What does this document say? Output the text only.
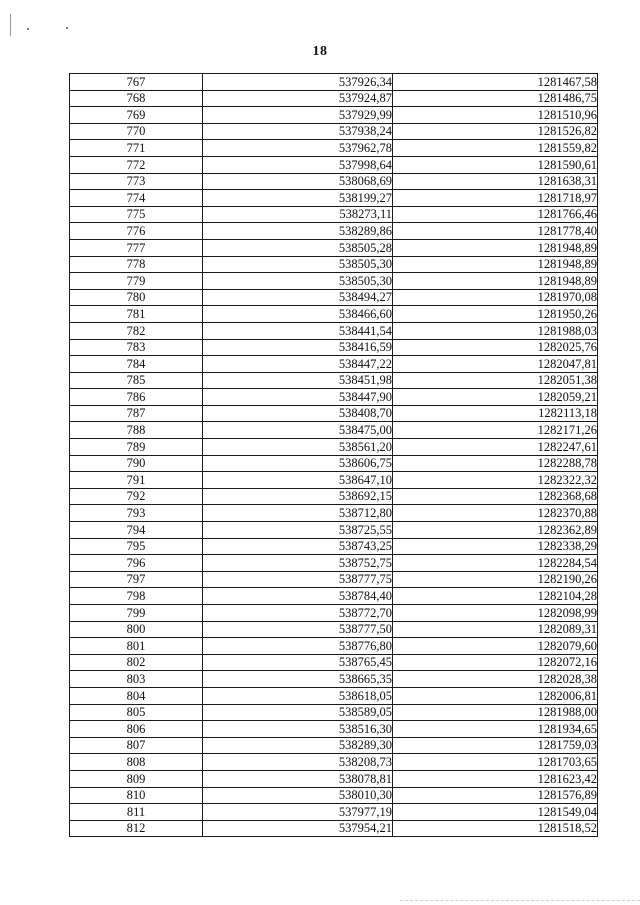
18
767	537926,34	1281467,58
768	537924,87	1281486,75
769	537929,99	1281510,96
770	537938,24	1281526,82
771	537962,78	1281559,82
772	537998,64	1281590,61
773	538068,69	1281638,31
774	538199,27	1281718,97
775	538273,11	1281766,46
776	538289,86	1281778,40
777	538505,28	1281948,89
778	538505,30	1281948,89
779	538505,30	1281948,89
780	538494,27	1281970,08
781	538466,60	1281950,26
782	538441,54	1281988,03
783	538416,59	1282025,76
784	538447,22	1282047,81
785	538451,98	1282051,38
786	538447,90	1282059,21
787	538408,70	1282113,18
788	538475,00	1282171,26
789	538561,20	1282247,61
790	538606,75	1282288,78
791	538647,10	1282322,32
792	538692,15	1282368,68
793	538712,80	1282370,88
794	538725,55	1282362,89
795	538743,25	1282338,29
796	538752,75	1282284,54
797	538777,75	1282190,26
798	538784,40	1282104,28
799	538772,70	1282098,99
800	538777,50	1282089,31
801	538776,80	1282079,60
802	538765,45	1282072,16
803	538665,35	1282028,38
804	538618,05	1282006,81
805	538589,05	1281988,00
806	538516,30	1281934,65
807	538289,30	1281759,03
808	538208,73	1281703,65
809	538078,81	1281623,42
810	538010,30	1281576,89
811	537977,19	1281549,04
812	537954,21	1281518,52
